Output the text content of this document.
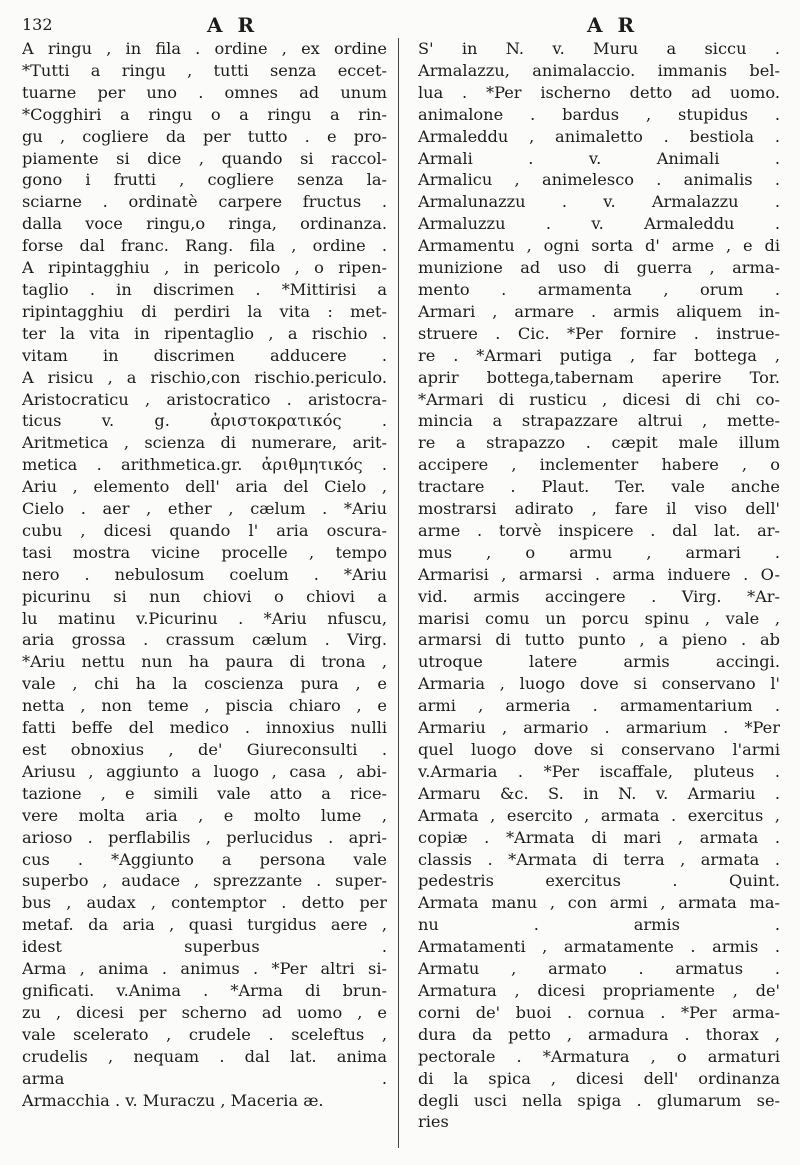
132	A R	A R
A ringu , in fila . ordine , ex ordine
*Tutti a ringu , tutti senza eccet-
tuarne per uno . omnes ad unum
*Cogghiri a ringu o a ringu a rin-
gu , cogliere da per tutto . e pro-
piamente si dice , quando si raccol-
gono i frutti , cogliere senza la-
sciarne . ordinatè carpere fructus .
dalla voce ringu,o ringa, ordinanza.
forse dal franc. Rang. fila , ordine .
A ripintagghiu , in pericolo , o ripen-
taglio . in discrimen . *Mittirisi a
ripintagghiu di perdiri la vita : met-
ter la vita in ripentaglio , a rischio .
vitam in discrimen adducere .
A risicu , a rischio,con rischio.periculo.
Aristocraticu , aristocratico . aristocra-
ticus v. g. ἀριστοκρατικός .
Aritmetica , scienza di numerare, arit-
metica . arithmetica.gr. ἀριθμητικός .
Ariu , elemento dell' aria del Cielo ,
Cielo . aer , ether , cælum . *Ariu
cubu , dicesi quando l' aria oscura-
tasi mostra vicine procelle , tempo
nero . nebulosum coelum . *Ariu
picurinu si nun chiovi o chiovi a
lu matinu v.Picurinu . *Ariu nfuscu,
aria grossa . crassum cælum . Virg.
*Ariu nettu nun ha paura di trona ,
vale , chi ha la coscienza pura , e
netta , non teme , piscia chiaro , e
fatti beffe del medico . innoxius nulli
est obnoxius , de' Giureconsulti .
Ariusu , aggiunto a luogo , casa , abi-
tazione , e simili vale atto a rice-
vere molta aria , e molto lume ,
arioso . perflabilis , perlucidus . apri-
cus . *Aggiunto a persona vale
superbo , audace , sprezzante . super-
bus , audax , contemptor . detto per
metaf. da aria , quasi turgidus aere ,
idest superbus .
Arma , anima . animus . *Per altri si-
gnificati. v.Anima . *Arma di brun-
zu , dicesi per scherno ad uomo , e
vale scelerato , crudele . sceleftus ,
crudelis , nequam . dal lat. anima
arma .
Armacchia . v. Muraczu , Maceria æ.
S' in N. v. Muru a siccu .
Armalazzu, animalaccio. immanis bel-
lua . *Per ischerno detto ad uomo.
animalone . bardus , stupidus .
Armaleddu , animaletto . bestiola .
Armali . v. Animali .
Armalicu , animelesco . animalis .
Armalunazzu . v. Armalazzu .
Armaluzzu . v. Armaleddu .
Armamentu , ogni sorta d' arme , e di
munizione ad uso di guerra , arma-
mento . armamenta , orum .
Armari , armare . armis aliquem in-
struere . Cic. *Per fornire . instrue-
re . *Armari putiga , far bottega ,
aprir bottega,tabernam aperire Tor.
*Armari di rusticu , dicesi di chi co-
mincia a strapazzare altrui , mette-
re a strapazzo . cæpit male illum
accipere , inclementer habere , o
tractare . Plaut. Ter. vale anche
mostrarsi adirato , fare il viso dell'
arme . torvè inspicere . dal lat. ar-
mus , o armu , armari .
Armarisi , armarsi . arma induere . O-
vid. armis accingere . Virg. *Ar-
marisi comu un porcu spinu , vale ,
armarsi di tutto punto , a pieno . ab
utroque latere armis accingi.
Armaria , luogo dove si conservano l'
armi , armeria . armamentarium .
Armariu , armario . armarium . *Per
quel luogo dove si conservano l'armi
v.Armaria . *Per iscaffale, pluteus .
Armaru &c. S. in N. v. Armariu .
Armata , esercito , armata . exercitus ,
copiæ . *Armata di mari , armata .
classis . *Armata di terra , armata .
pedestris exercitus . Quint.
Armata manu , con armi , armata ma-
nu . armis .
Armatamenti , armatamente . armis .
Armatu , armato . armatus .
Armatura , dicesi propriamente , de'
corni de' buoi . cornua . *Per arma-
dura da petto , armadura . thorax ,
pectorale . *Armatura , o armaturi
di la spica , dicesi dell' ordinanza
degli usci nella spiga . glumarum se-
ries
